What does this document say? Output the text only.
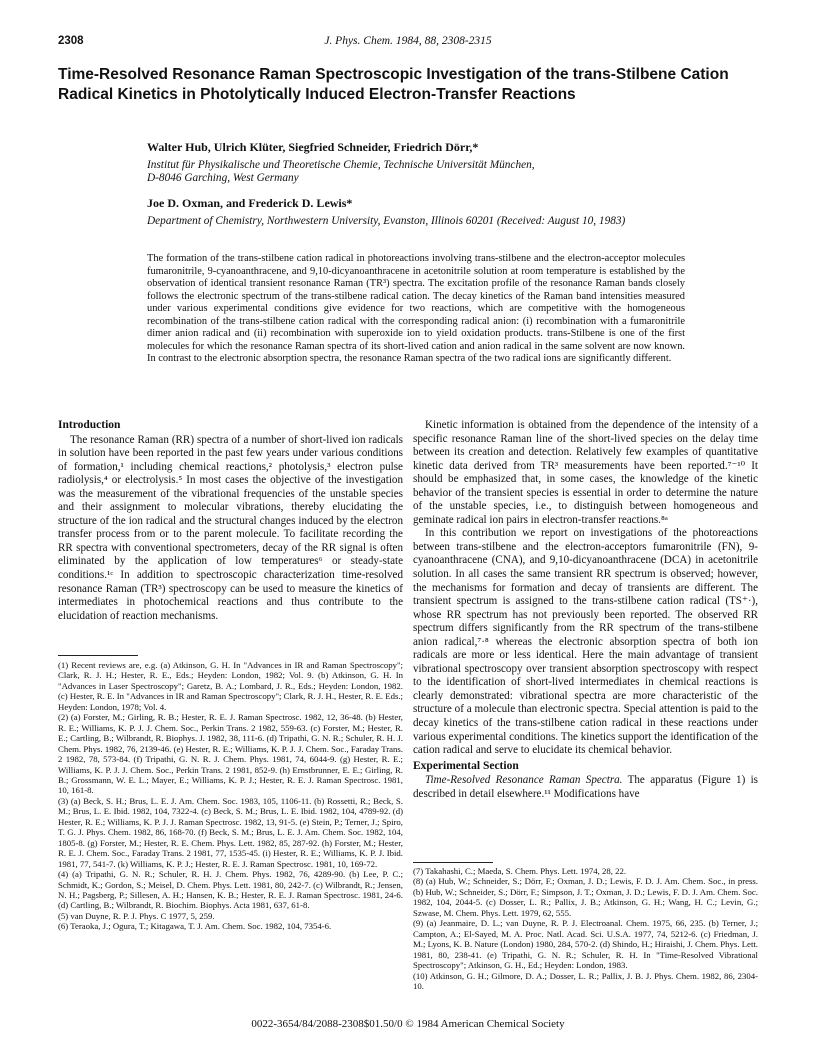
2308	J. Phys. Chem. 1984, 88, 2308-2315
Time-Resolved Resonance Raman Spectroscopic Investigation of the trans-Stilbene Cation Radical Kinetics in Photolytically Induced Electron-Transfer Reactions
Walter Hub, Ulrich Klüter, Siegfried Schneider, Friedrich Dörr,*
Institut für Physikalische und Theoretische Chemie, Technische Universität München,
D-8046 Garching, West Germany
Joe D. Oxman, and Frederick D. Lewis*
Department of Chemistry, Northwestern University, Evanston, Illinois 60201 (Received: August 10, 1983)
The formation of the trans-stilbene cation radical in photoreactions involving trans-stilbene and the electron-acceptor molecules fumaronitrile, 9-cyanoanthracene, and 9,10-dicyanoanthracene in acetonitrile solution at room temperature is established by the observation of identical transient resonance Raman (TR³) spectra. The excitation profile of the resonance Raman bands closely follows the electronic spectrum of the trans-stilbene radical cation. The decay kinetics of the Raman band intensities measured under various experimental conditions give evidence for two reactions, which are competitive with the homogeneous recombination of the trans-stilbene cation radical with the corresponding radical anion: (i) recombination with a fumaronitrile dimer anion radical and (ii) recombination with superoxide ion to yield oxidation products. trans-Stilbene is one of the first molecules for which the resonance Raman spectra of its short-lived cation and anion radical in the same solvent are now known. In contrast to the electronic absorption spectra, the resonance Raman spectra of the two radical ions are significantly different.
Introduction

The resonance Raman (RR) spectra of a number of short-lived ion radicals in solution have been reported in the past few years under various conditions of formation,¹ including chemical reactions,² photolysis,³ electron pulse radiolysis,⁴ or electrolysis.⁵ In most cases the objective of the investigation was the measurement of the vibrational frequencies of the unstable species and their assignment to molecular vibrations, thereby elucidating the structure of the ion radical and the structural changes induced by the electron transfer process from or to the parent molecule. To facilitate recording the RR spectra with conventional spectrometers, decay of the RR signal is often eliminated by the application of low temperatures⁶ or steady-state conditions.¹ᶜ In addition to spectroscopic characterization time-resolved resonance Raman (TR³) spectroscopy can be used to measure the kinetics of intermediates in photochemical reactions and thus contribute to the elucidation of reaction mechanisms.

(1) Recent reviews are, e.g. (a) Atkinson, G. H. In "Advances in IR and Raman Spectroscopy"; Clark, R. J. H.; Hester, R. E., Eds.; Heyden: London, 1982; Vol. 9. (b) Atkinson, G. H. In "Advances in Laser Spectroscopy"; Garetz, B. A.; Lombard, J. R., Eds.; Heyden: London, 1982. (c) Hester, R. E. In "Advances in IR and Raman Spectroscopy"; Clark, R. J. H., Hester, R. E. Eds.; Heyden: London, 1978; Vol. 4.
(2) (a) Forster, M.; Girling, R. B.; Hester, R. E. J. Raman Spectrosc. 1982, 12, 36-48. (b) Hester, R. E.; Williams, K. P. J. J. Chem. Soc., Perkin Trans. 2 1982, 559-63. (c) Forster, M.; Hester, R. E.; Cartling, B.; Wilbrandt, R. Biophys. J. 1982, 38, 111-6. (d) Tripathi, G. N. R.; Schuler, R. H. J. Chem. Phys. 1982, 76, 2139-46. (e) Hester, R. E.; Williams, K. P. J. J. Chem. Soc., Faraday Trans. 2 1982, 78, 573-84. (f) Tripathi, G. N. R. J. Chem. Phys. 1981, 74, 6044-9. (g) Hester, R. E.; Williams, K. P. J. J. Chem. Soc., Perkin Trans. 2 1981, 852-9. (h) Ernstbrunner, E. E.; Girling, R. B.; Grossmann, W. E. L.; Mayer, E.; Williams, K. P. J.; Hester, R. E. J. Raman Spectrosc. 1981, 10, 161-8.
(3) (a) Beck, S. H.; Brus, L. E. J. Am. Chem. Soc. 1983, 105, 1106-11. (b) Rossetti, R.; Beck, S. M.; Brus, L. E. Ibid. 1982, 104, 7322-4. (c) Beck, S. M.; Brus, L. E. Ibid. 1982, 104, 4789-92. (d) Hester, R. E.; Williams, K. P. J. J. Raman Spectrosc. 1982, 13, 91-5. (e) Stein, P.; Terner, J.; Spiro, T. G. J. Phys. Chem. 1982, 86, 168-70. (f) Beck, S. M.; Brus, L. E. J. Am. Chem. Soc. 1982, 104, 1805-8. (g) Forster, M.; Hester, R. E. Chem. Phys. Lett. 1982, 85, 287-92. (h) Forster, M.; Hester, R. E. J. Chem. Soc., Faraday Trans. 2 1981, 77, 1535-45. (i) Hester, R. E.; Williams, K. P. J. Ibid. 1981, 77, 541-7. (k) Williams, K. P. J.; Hester, R. E. J. Raman Spectrosc. 1981, 10, 169-72.
(4) (a) Tripathi, G. N. R.; Schuler, R. H. J. Chem. Phys. 1982, 76, 4289-90. (b) Lee, P. C.; Schmidt, K.; Gordon, S.; Meisel, D. Chem. Phys. Lett. 1981, 80, 242-7. (c) Wilbrandt, R.; Jensen, N. H.; Pagsberg, P.; Sillesen, A. H.; Hansen, K. B.; Hester, R. E. J. Raman Spectrosc. 1981, 24-6. (d) Cartling, B.; Wilbrandt, R. Biochim. Biophys. Acta 1981, 637, 61-8.
(5) van Duyne, R. P. J. Phys. C 1977, 5, 259.
(6) Teraoka, J.; Ogura, T.; Kitagawa, T. J. Am. Chem. Soc. 1982, 104, 7354-6.

Kinetic information is obtained from the dependence of the intensity of a specific resonance Raman line of the short-lived species on the delay time between its creation and detection. Relatively few examples of quantitative kinetic data derived from TR³ measurements have been reported.⁷⁻¹⁰ It should be emphasized that, in some cases, the knowledge of the kinetic behavior of the transient species is essential in order to determine the nature of the unstable species, i.e., to distinguish between homogeneous and geminate radical ion pairs in electron-transfer reactions.⁸ᵃ

In this contribution we report on investigations of the photoreactions between trans-stilbene and the electron-acceptors fumaronitrile (FN), 9-cyanoanthracene (CNA), and 9,10-dicyanoanthracene (DCA) in acetonitrile solution. In all cases the same transient RR spectrum is observed; however, the mechanisms for formation and decay of transients are different. The transient spectrum is assigned to the trans-stilbene cation radical (TS⁺·), whose RR spectrum has not previously been reported. The observed RR spectrum differs significantly from the RR spectrum of the trans-stilbene anion radical,⁷·⁸ whereas the electronic absorption spectra of both ion radicals are more or less identical. Here the main advantage of transient vibrational spectroscopy over transient absorption spectroscopy with respect to the identification of short-lived intermediates in chemical reactions is clearly demonstrated: vibrational spectra are more characteristic of the structure of a molecule than electronic spectra. Special attention is paid to the decay kinetics of the trans-stilbene cation radical in these reactions under various experimental conditions. The kinetics support the identification of the cation radical and serve to elucidate its chemical behavior.

Experimental Section

Time-Resolved Resonance Raman Spectra. The apparatus (Figure 1) is described in detail elsewhere.¹¹ Modifications have

(7) Takahashi, C.; Maeda, S. Chem. Phys. Lett. 1974, 28, 22.
(8) (a) Hub, W.; Schneider, S.; Dörr, F.; Oxman, J. D.; Lewis, F. D. J. Am. Chem. Soc., in press. (b) Hub, W.; Schneider, S.; Dörr, F.; Simpson, J. T.; Oxman, J. D.; Lewis, F. D. J. Am. Chem. Soc. 1982, 104, 2044-5. (c) Dosser, L. R.; Pallix, J. B.; Atkinson, G. H.; Wang, H. C.; Levin, G.; Szwase, M. Chem. Phys. Lett. 1979, 62, 555.
(9) (a) Jeanmaire, D. L.; van Duyne, R. P. J. Electroanal. Chem. 1975, 66, 235. (b) Terner, J.; Campton, A.; El-Sayed, M. A. Proc. Natl. Acad. Sci. U.S.A. 1977, 74, 5212-6. (c) Friedman, J. M.; Lyons, K. B. Nature (London) 1980, 284, 570-2. (d) Shindo, H.; Hiraishi, J. Chem. Phys. Lett. 1981, 80, 238-41. (e) Tripathi, G. N. R.; Schuler, R. H. In "Time-Resolved Vibrational Spectroscopy"; Atkinson, G. H., Ed.; Heyden: London, 1983.
(10) Atkinson, G. H.; Gilmore, D. A.; Dosser, L. R.; Pallix, J. B. J. Phys. Chem. 1982, 86, 2304-10.
0022-3654/84/2088-2308$01.50/0 © 1984 American Chemical Society
